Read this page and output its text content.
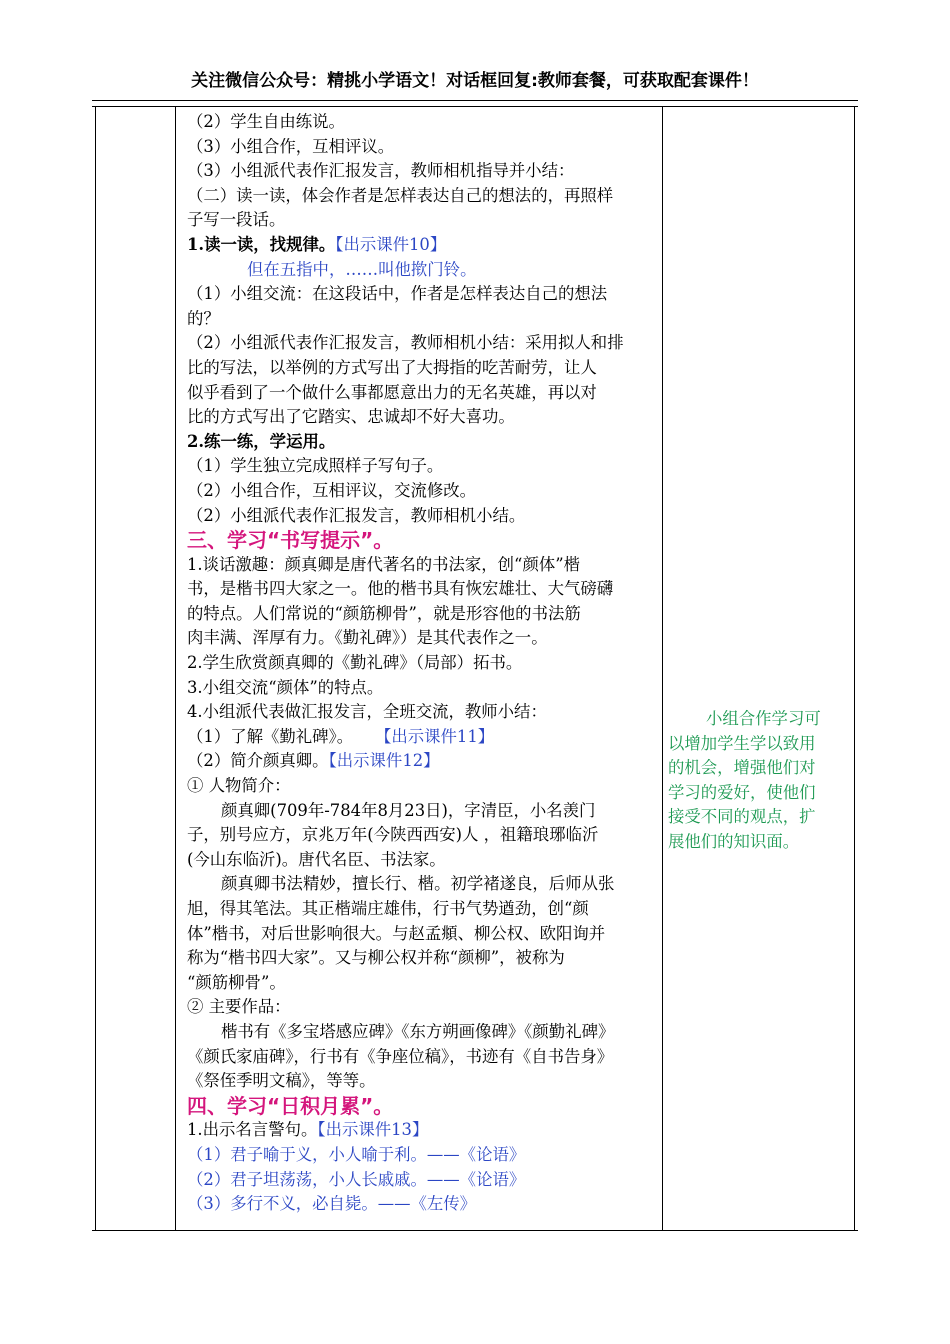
关注微信公众号：精挑小学语文！对话框回复:教师套餐，可获取配套课件！
（2）学生自由练说。
（3）小组合作，互相评议。
（3）小组派代表作汇报发言，教师相机指导并小结：
（二）读一读，体会作者是怎样表达自己的想法的，再照样
子写一段话。
1.读一读，找规律。【出示课件10】
但在五指中，……叫他揿门铃。
（1）小组交流：在这段话中，作者是怎样表达自己的想法
的？
（2）小组派代表作汇报发言，教师相机小结：采用拟人和排
比的写法，以举例的方式写出了大拇指的吃苦耐劳，让人
似乎看到了一个做什么事都愿意出力的无名英雄，再以对
比的方式写出了它踏实、忠诚却不好大喜功。
2.练一练，学运用。
（1）学生独立完成照样子写句子。
（2）小组合作，互相评议，交流修改。
（2）小组派代表作汇报发言，教师相机小结。
三、学习“书写提示”。
1.谈话激趣：颜真卿是唐代著名的书法家，创“颜体”楷
书，是楷书四大家之一。他的楷书具有恢宏雄壮、大气磅礴
的特点。人们常说的“颜筋柳骨”，就是形容他的书法筋
肉丰满、浑厚有力。《勤礼碑》）是其代表作之一。
2.学生欣赏颜真卿的《勤礼碑》（局部）拓书。
3.小组交流“颜体”的特点。
4.小组派代表做汇报发言，全班交流，教师小结：
（1）了解《勤礼碑》。 【出示课件11】
（2）简介颜真卿。【出示课件12】
① 人物简介：
颜真卿(709年-784年8月23日)，字清臣，小名羡门
子，别号应方，京兆万年(今陕西西安)人 ，祖籍琅琊临沂
(今山东临沂)。唐代名臣、书法家。
颜真卿书法精妙，擅长行、楷。初学褚遂良，后师从张
旭，得其笔法。其正楷端庄雄伟，行书气势遒劲，创“颜
体”楷书，对后世影响很大。与赵孟頫、柳公权、欧阳询并
称为“楷书四大家”。又与柳公权并称“颜柳”，被称为
“颜筋柳骨”。
② 主要作品：
楷书有《多宝塔感应碑》《东方朔画像碑》《颜勤礼碑》
《颜氏家庙碑》，行书有《争座位稿》，书迹有《自书告身》
《祭侄季明文稿》，等等。
四、学习“日积月累”。
1.出示名言警句。【出示课件13】
（1）君子喻于义，小人喻于利。——《论语》
（2）君子坦荡荡，小人长戚戚。——《论语》
（3）多行不义，必自毙。——《左传》
小组合作学习可
以增加学生学以致用
的机会，增强他们对
学习的爱好，使他们
接受不同的观点，扩
展他们的知识面。
